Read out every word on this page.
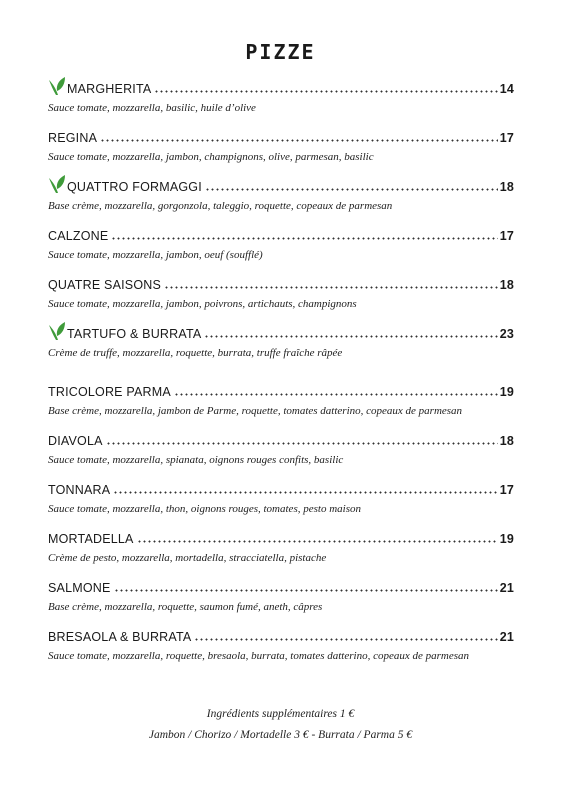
PIZZE
MARGHERITA	14
Sauce tomate, mozzarella, basilic, huile d’olive
REGINA	17
Sauce tomate, mozzarella, jambon, champignons, olive, parmesan, basilic
QUATTRO FORMAGGI	18
Base crème, mozzarella, gorgonzola, taleggio, roquette, copeaux de parmesan
CALZONE	17
Sauce tomate, mozzarella, jambon, oeuf (soufflé)
QUATRE SAISONS	18
Sauce tomate, mozzarella, jambon, poivrons, artichauts, champignons
TARTUFO & BURRATA	23
Crème de truffe, mozzarella, roquette, burrata, truffe fraîche râpée
TRICOLORE PARMA	19
Base crème, mozzarella, jambon de Parme, roquette, tomates datterino, copeaux de parmesan
DIAVOLA	18
Sauce tomate, mozzarella, spianata, oignons rouges confits, basilic
TONNARA	17
Sauce tomate, mozzarella, thon, oignons rouges, tomates, pesto maison
MORTADELLA	19
Crème de pesto, mozzarella, mortadella, stracciatella, pistache
SALMONE	21
Base crème, mozzarella, roquette, saumon fumé, aneth, câpres
BRESAOLA & BURRATA	21
Sauce tomate, mozzarella, roquette, bresaola, burrata, tomates datterino, copeaux de parmesan
Ingrédients supplémentaires 1 €
Jambon / Chorizo / Mortadelle 3 € - Burrata / Parma 5 €
